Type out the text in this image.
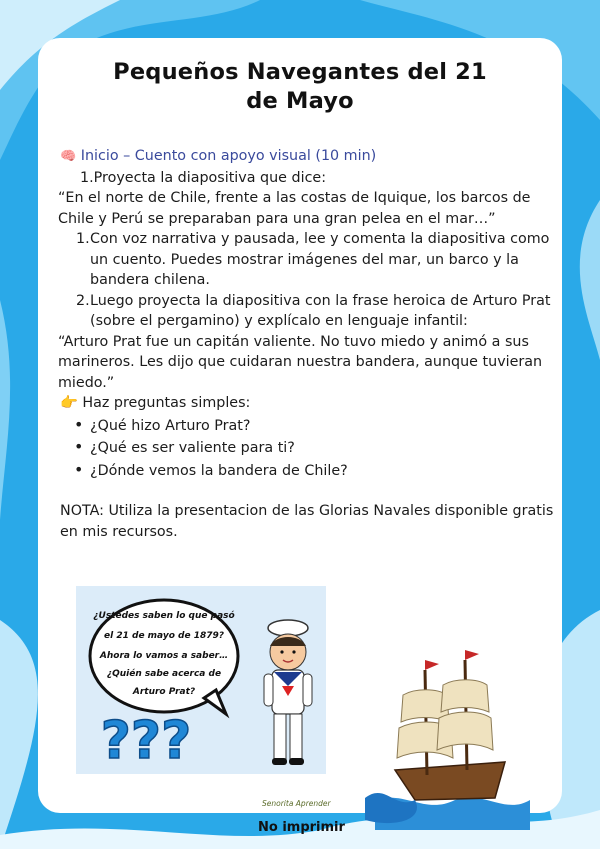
Pequeños Navegantes del 21
de Mayo

🧠 Inicio – Cuento con apoyo visual (10 min)

1.Proyecta la diapositiva que dice:

“En el norte de Chile, frente a las costas de Iquique, los barcos de Chile y Perú se preparaban para una gran pelea en el mar…”

1. Con voz narrativa y pausada, lee y comenta la diapositiva como un cuento. Puedes mostrar imágenes del mar, un barco y la bandera chilena.
2. Luego proyecta la diapositiva con la frase heroica de Arturo Prat (sobre el pergamino) y explícalo en lenguaje infantil:

“Arturo Prat fue un capitán valiente. No tuvo miedo y animó a sus marineros. Les dijo que cuidaran nuestra bandera, aunque tuvieran miedo.”

👉 Haz preguntas simples:

• ¿Qué hizo Arturo Prat?
• ¿Qué es ser valiente para ti?
• ¿Dónde vemos la bandera de Chile?

NOTA: Utiliza la presentacion de las Glorias Navales disponible gratis en mis recursos.

¿Ustedes saben lo que pasó
el 21 de mayo de 1879?
Ahora lo vamos a saber…
¿Quién sabe acerca de
Arturo Prat?
???
Senorita Aprender
No imprimir
